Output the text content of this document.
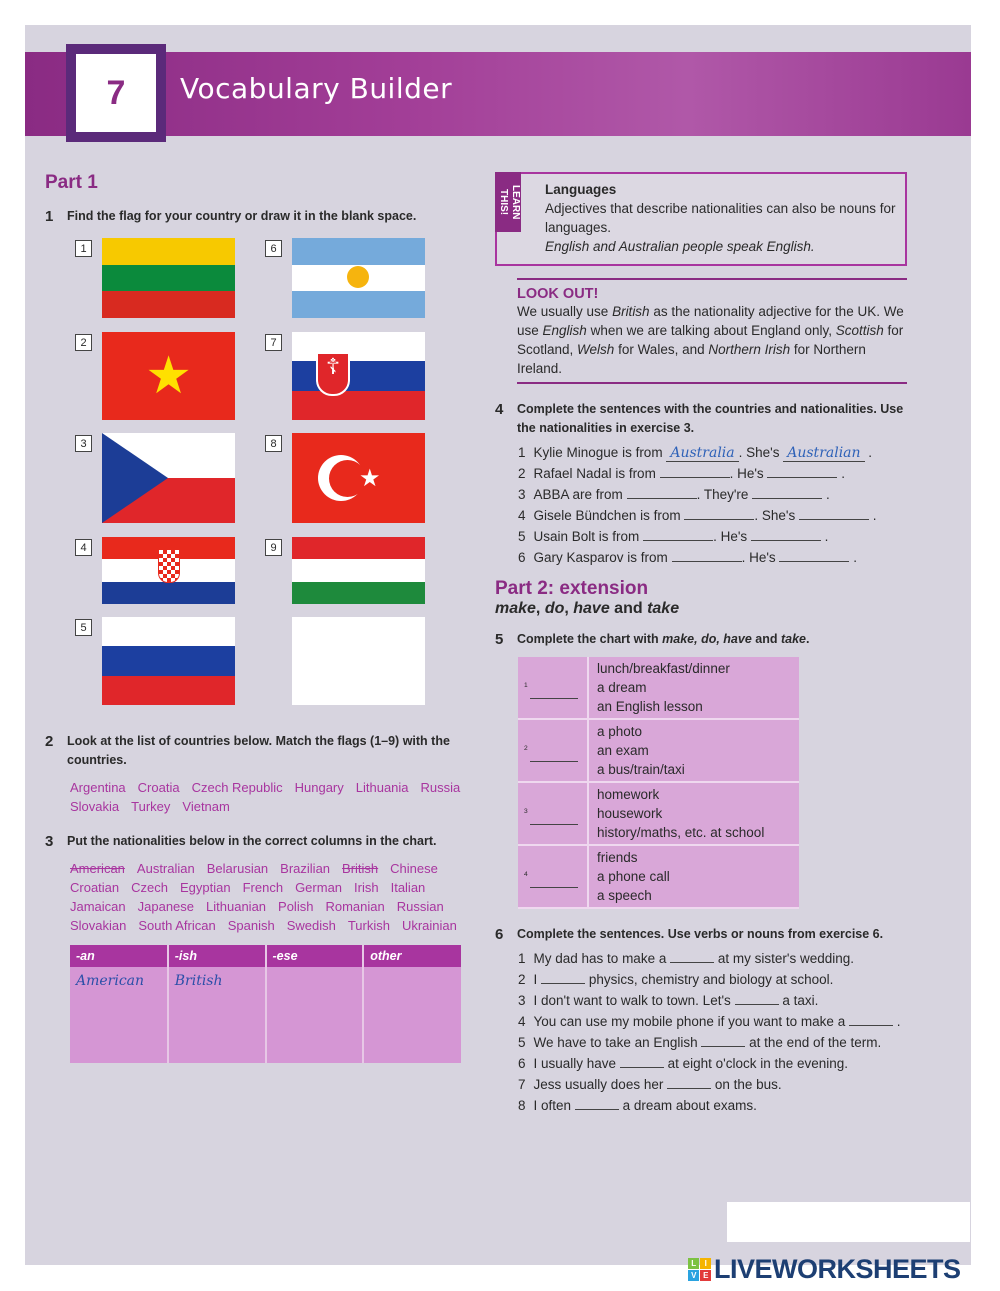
7	Vocabulary Builder
Part 1
1	Find the flag for your country or draw it in the blank space.
1
★
2
3
4
5
6
☦
7
★
8
9
2	Look at the list of countries below. Match the flags (1–9) with the countries.
Argentina Croatia Czech Republic Hungary Lithuania Russia
Slovakia Turkey Vietnam
3	Put the nationalities below in the correct columns in the chart.
American Australian Belarusian Brazilian British Chinese
Croatian Czech Egyptian French German Irish Italian
Jamaican Japanese Lithuanian Polish Romanian Russian
Slovakian South African Spanish Swedish Turkish Ukrainian
-an	-ish	-ese	other
American	British		
LEARN THIS!	Languages
Adjectives that describe nationalities can also be nouns for languages.
English and Australian people speak English.
LOOK OUT!
We usually use British as the nationality adjective for the UK. We use English when we are talking about England only, Scottish for Scotland, Welsh for Wales, and Northern Irish for Northern Ireland.
4	Complete the sentences with the countries and nationalities. Use the nationalities in exercise 3.
1 Kylie Minogue is from Australia . She's Australian .
2 Rafael Nadal is from	. He's	.
3 ABBA are from	. They're	.
4 Gisele Bündchen is from	. She's	.
5 Usain Bolt is from	. He's	.
6 Gary Kasparov is from	. He's	.
Part 2: extension
make, do, have and take
5	Complete the chart with make, do, have and take.
$^1$	lunch/breakfast/dinner
a dream
an English lesson

$^2$	a photo
an exam
a bus/train/taxi

$^3$	homework
housework
history/maths, etc. at school

$^4$	friends
a phone call
a speech
6	Complete the sentences. Use verbs or nouns from exercise 6.
1 My dad has to make a	at my sister's wedding.
2 I	physics, chemistry and biology at school.
3 I don't want to walk to town. Let's	a taxi.
4 You can use my mobile phone if you want to make a	.
5 We have to take an English	at the end of the term.
6 I usually have	at eight o'clock in the evening.
7 Jess usually does her	on the bus.
8 I often	a dream about exams.
L	I
V E LIVEWORKSHEETS
